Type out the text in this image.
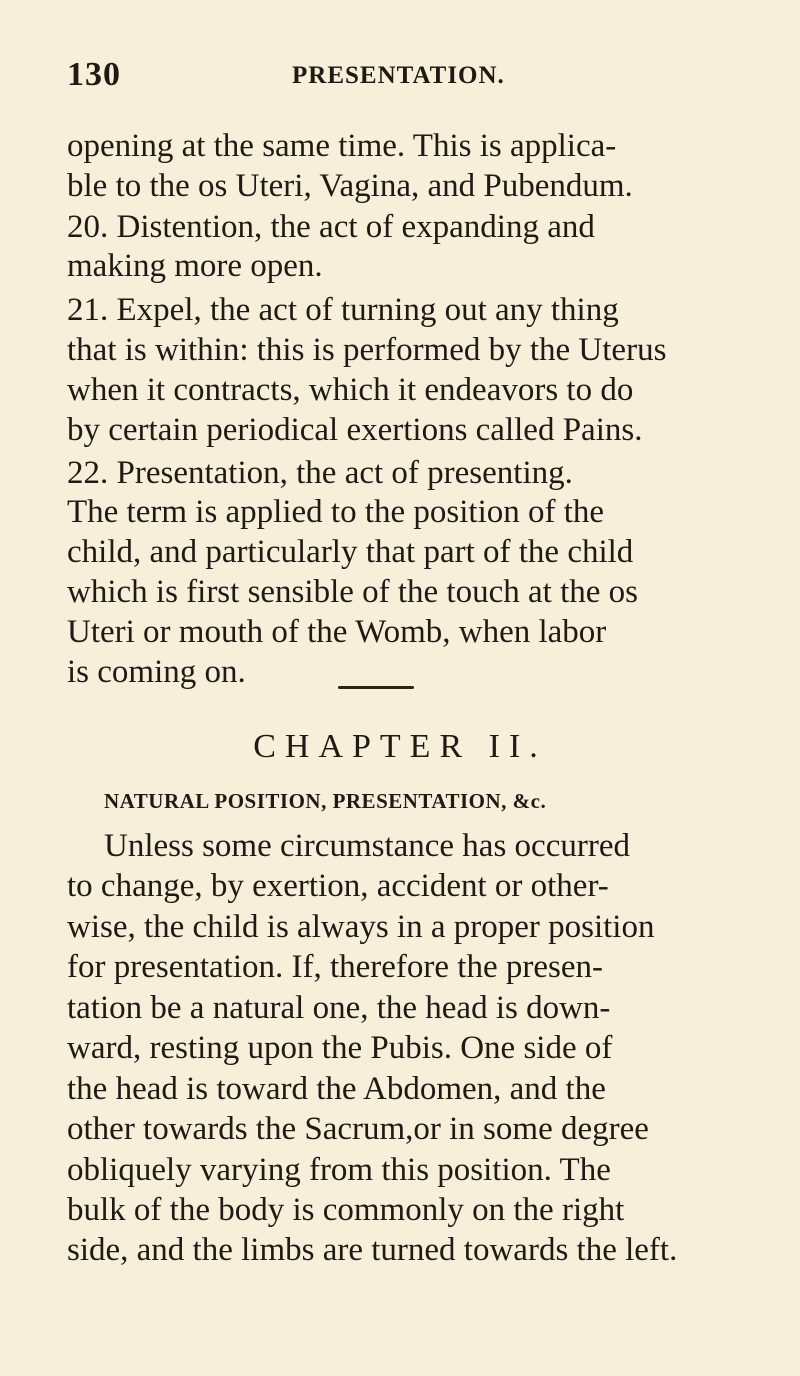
130	PRESENTATION.
opening at the same time. This is applica-
ble to the os Uteri, Vagina, and Pubendum.
20. Distention, the act of expanding and
making more open.
21. Expel, the act of turning out any thing
that is within: this is performed by the Uterus
when it contracts, which it endeavors to do
by certain periodical exertions called Pains.
22. Presentation, the act of presenting.
The term is applied to the position of the
child, and particularly that part of the child
which is first sensible of the touch at the os
Uteri or mouth of the Womb, when labor
is coming on.
CHAPTER II.
NATURAL POSITION, PRESENTATION, &c.
Unless some circumstance has occurred
to change, by exertion, accident or other-
wise, the child is always in a proper position
for presentation. If, therefore the presen-
tation be a natural one, the head is down-
ward, resting upon the Pubis. One side of
the head is toward the Abdomen, and the
other towards the Sacrum,or in some degree
obliquely varying from this position. The
bulk of the body is commonly on the right
side, and the limbs are turned towards the left.
